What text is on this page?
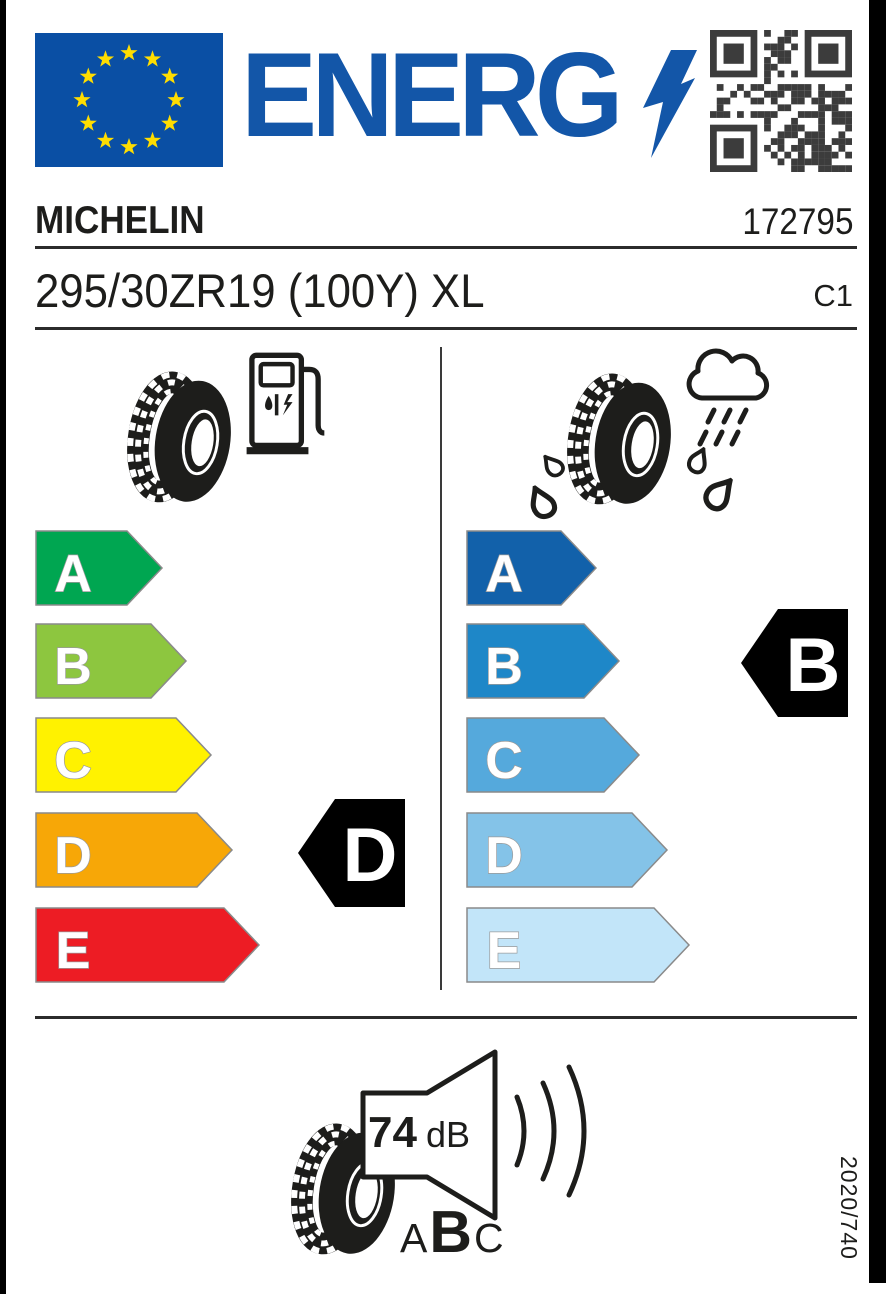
ENERG
MICHELIN	172795
295/30ZR19 (100Y) XL	C1
A
B
C
D
E
D
A
B
C
D
E
B
74 dB
A B C	2020/740
